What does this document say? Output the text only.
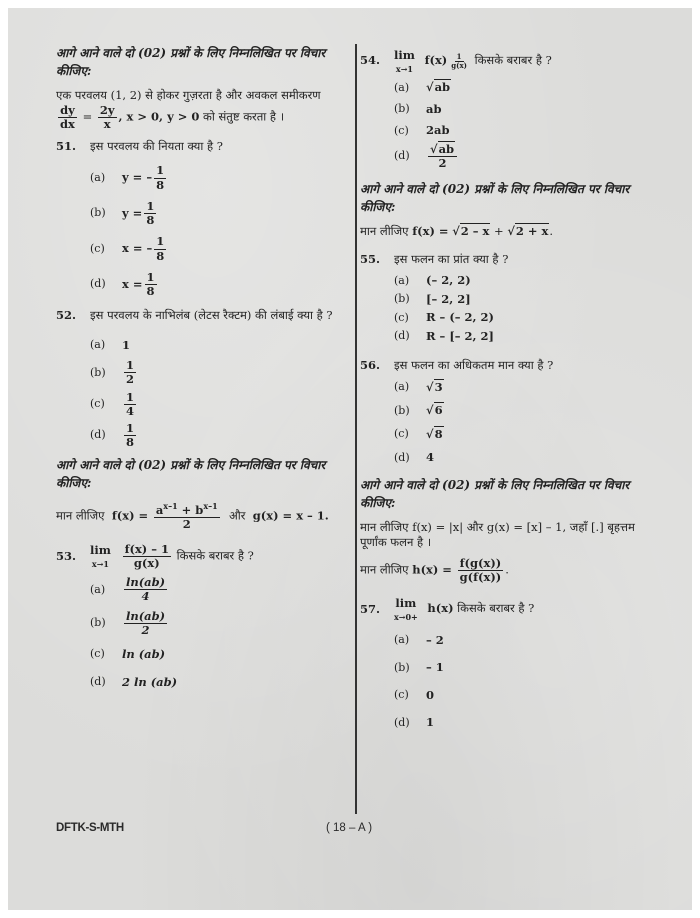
आगे आने वाले दो (02) प्रश्नों के लिए निम्नलिखित पर विचार कीजिए:

एक परवलय (1, 2) से होकर गुज़रता है और अवकल समीकरण

$\frac{dy}{dx} = \frac{2y}{x}$ , x > 0, y > 0 को संतुष्ट करता है ।

51.	इस परवलय की नियता क्या है ?
(a)	y = – $\frac{1}{8}$
(b)	$y = \frac{1}{8}$
(c)	x = – $\frac{1}{8}$
(d)	$x = \frac{1}{8}$
52.	इस परवलय के नाभिलंब (लेटस रैक्टम) की लंबाई क्या है ?
(a)	1
(b)	$\frac{1}{2}$
(c)	$\frac{1}{4}$
(d)	$\frac{1}{8}$

आगे आने वाले दो (02) प्रश्नों के लिए निम्नलिखित पर विचार कीजिए:

मान लीजिए $f(x) = \frac{a^{x-1} + b^{x-1}}{2}$ और g(x) = x – 1.

53.	lim
x→1
$\frac{f(x) - 1}{g(x)}$ किसके बराबर है ?
(a)	$\frac{\ln(ab)}{4}$
(b)	$\frac{\ln(ab)}{2}$
(c)	ln (ab)
(d)	2 ln (ab)
54.	lim
x→1
f(x) $^{\frac{1}{g(x)}}$ किसके बराबर है ?
(a)	√ab
(b)	ab
(c)	2ab
(d)	$\frac{√ab}{2}$

आगे आने वाले दो (02) प्रश्नों के लिए निम्नलिखित पर विचार कीजिए:

मान लीजिए f(x) = √2 – x + √2 + x.

55.	इस फलन का प्रांत क्या है ?
(a)	(– 2, 2)
(b)	[– 2, 2]
(c)	R – (– 2, 2)
(d)	R – [– 2, 2]
56.	इस फलन का अधिकतम मान क्या है ?
(a)	√3
(b)	√6
(c)	√8
(d)	4

आगे आने वाले दो (02) प्रश्नों के लिए निम्नलिखित पर विचार कीजिए:

मान लीजिए f(x) = |x| और g(x) = [x] – 1, जहाँ [.] बृहत्तम पूर्णांक फलन है ।

मान लीजिए $h(x) = \frac{f(g(x))}{g(f(x))}$ .

57.	lim
x→0+
h(x) किसके बराबर है ?
(a)	– 2
(b)	– 1
(c)	0
(d)	1
DFTK-S-MTH	( 18 – A )
